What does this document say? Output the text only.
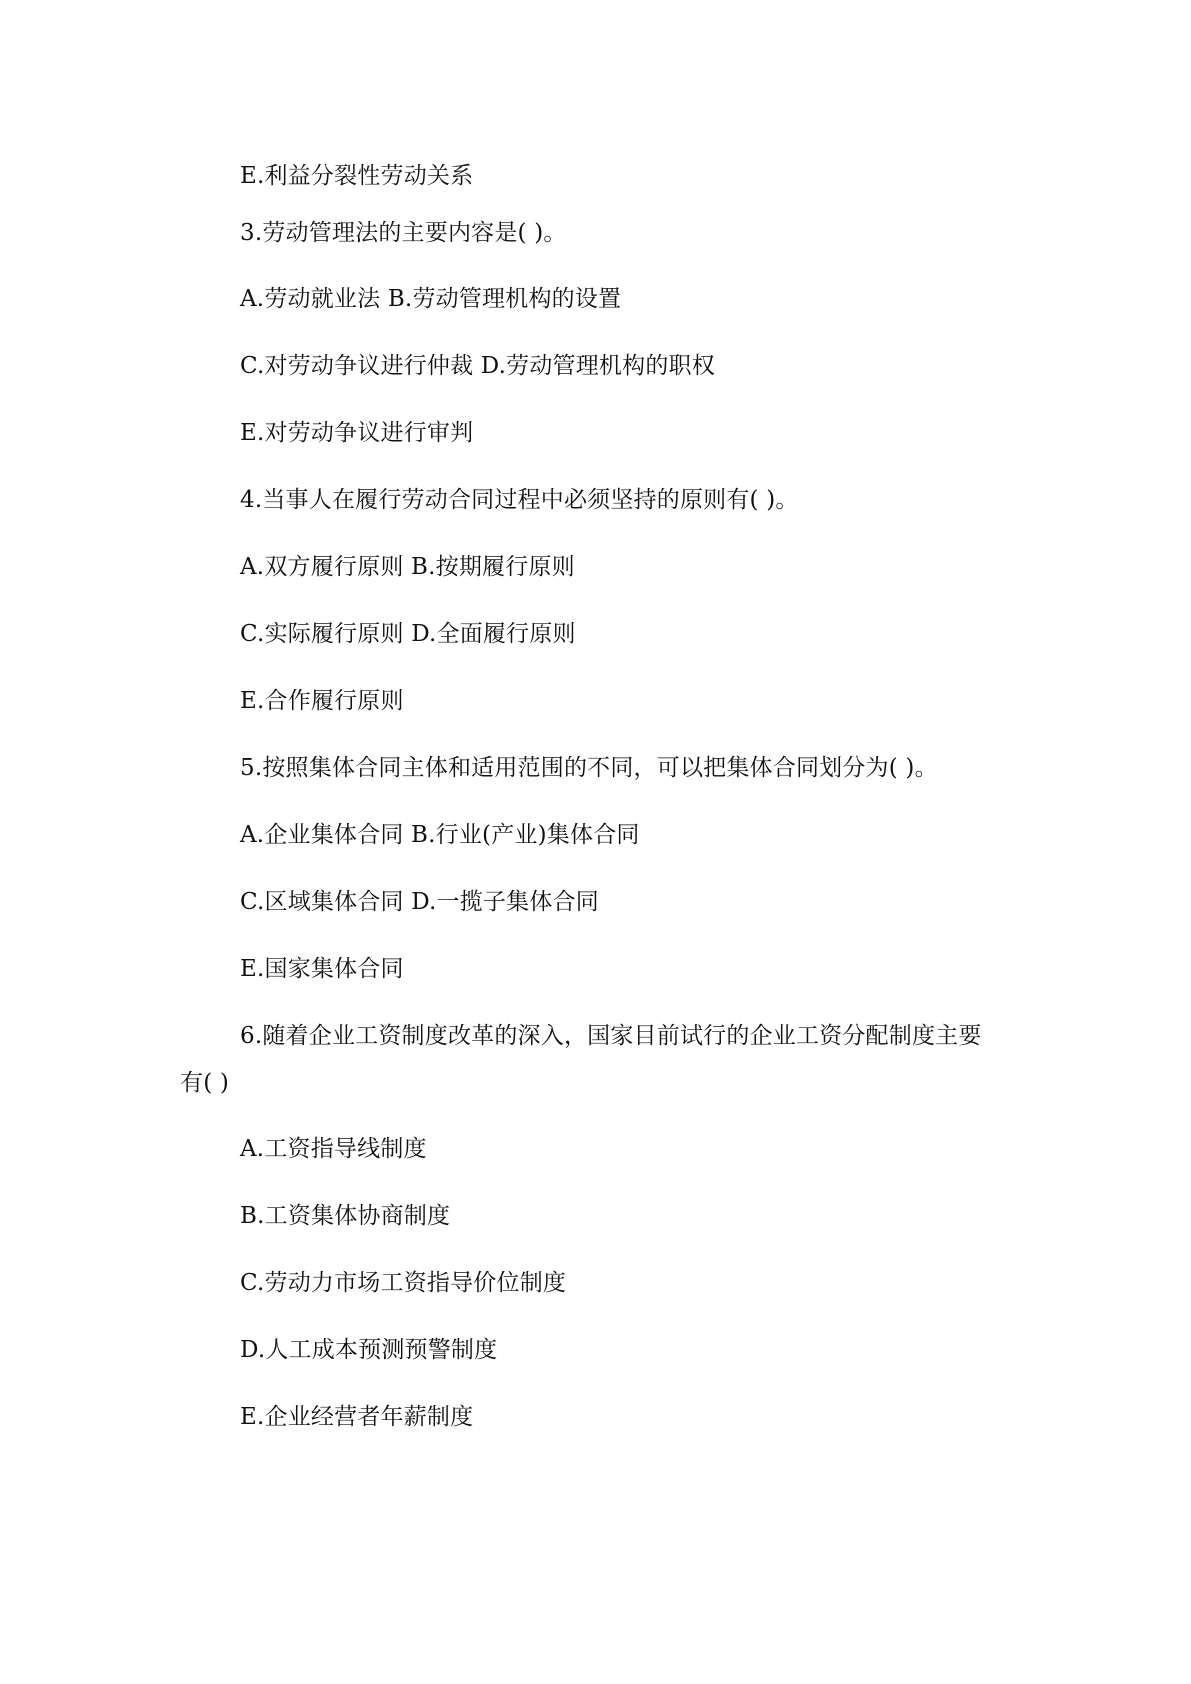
E.利益分裂性劳动关系
3.劳动管理法的主要内容是( )。
A.劳动就业法 B.劳动管理机构的设置
C.对劳动争议进行仲裁 D.劳动管理机构的职权
E.对劳动争议进行审判
4.当事人在履行劳动合同过程中必须坚持的原则有( )。
A.双方履行原则 B.按期履行原则
C.实际履行原则 D.全面履行原则
E.合作履行原则
5.按照集体合同主体和适用范围的不同，可以把集体合同划分为( )。
A.企业集体合同 B.行业(产业)集体合同
C.区域集体合同 D.一揽子集体合同
E.国家集体合同
6.随着企业工资制度改革的深入，国家目前试行的企业工资分配制度主要
有( )
A.工资指导线制度
B.工资集体协商制度
C.劳动力市场工资指导价位制度
D.人工成本预测预警制度
E.企业经营者年薪制度
